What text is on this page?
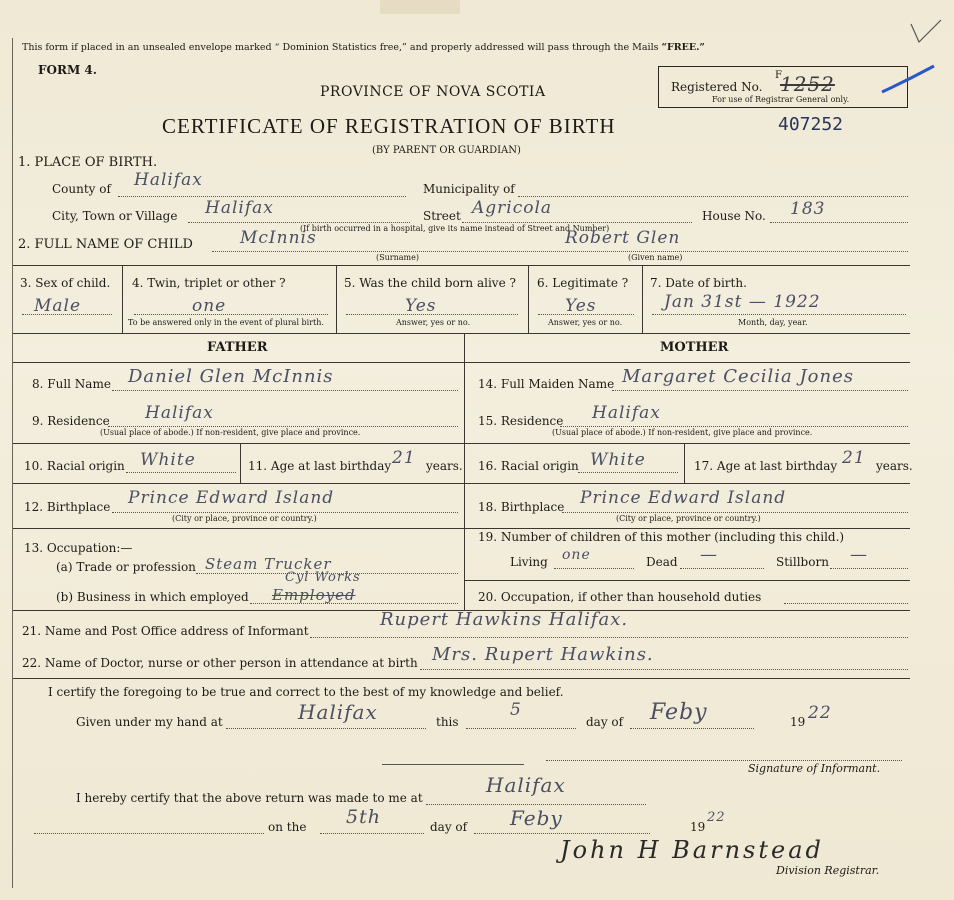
This form if placed in an unsealed envelope marked “ Dominion Statistics free,” and properly addressed will pass through the Mails “FREE.”
FORM 4.
PROVINCE OF NOVA SCOTIA	Registered No.
F
1252
For use of Registrar General only.
CERTIFICATE OF REGISTRATION OF BIRTH	407252
(BY PARENT OR GUARDIAN)
1. PLACE OF BIRTH.
County of Halifax	Municipality of
City, Town or Village Halifax	Street Agricola	House No. 183
(If birth occurred in a hospital, give its name instead of Street and Number)
2. FULL NAME OF CHILD	McInnis	Robert Glen
(Surname)	(Given name)
3. Sex of child.
Male
4. Twin, triplet or other ?
one
To be answered only in the event of plural birth.
5. Was the child born alive ?
Yes
Answer, yes or no.
6. Legitimate ?
Yes
Answer, yes or no.
7. Date of birth.
Jan 31st — 1922
Month, day, year.
FATHER	MOTHER
8. Full Name Daniel Glen McInnis
9. Residence Halifax
(Usual place of abode.) If non-resident, give place and province.
10. Racial origin White	11. Age at last birthday 21 years.
12. Birthplace Prince Edward Island
(City or place, province or country.)
13. Occupation:—
(a) Trade or profession Steam Trucker
(b) Business in which employed Employed
Cyl Works
14. Full Maiden Name Margaret Cecilia Jones
15. Residence Halifax
(Usual place of abode.) If non-resident, give place and province.
16. Racial origin White	17. Age at last birthday 21 years.
18. Birthplace Prince Edward Island
(City or place, province or country.)
19. Number of children of this mother (including this child.)
Living one	Dead —	Stillborn —
20. Occupation, if other than household duties
21. Name and Post Office address of Informant
Rupert Hawkins Halifax.
22. Name of Doctor, nurse or other person in attendance at birth Mrs. Rupert Hawkins.
I certify the foregoing to be true and correct to the best of my knowledge and belief.
Given under my hand at	Halifax	this
5
day of Feby	19 22
Signature of Informant.
I hereby certify that the above return was made to me at
Halifax
on the 5th	day of Feby	19
22
John H Barnstead
Division Registrar.
